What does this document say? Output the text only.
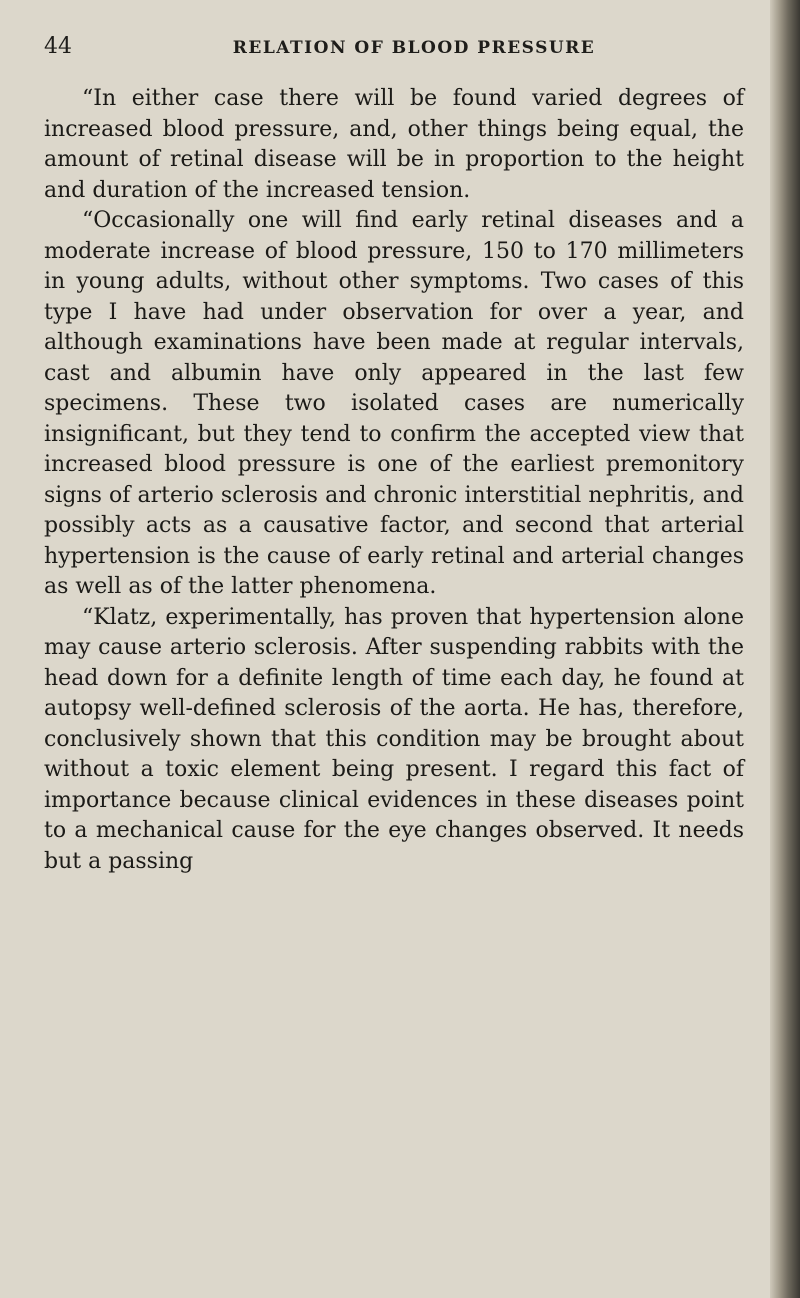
44	RELATION OF BLOOD PRESSURE

“In either case there will be found varied degrees of increased blood pressure, and, other things being equal, the amount of retinal disease will be in proportion to the height and duration of the increased tension.

“Occasionally one will find early retinal diseases and a moderate increase of blood pressure, 150 to 170 millimeters in young adults, without other symptoms. Two cases of this type I have had under observation for over a year, and although examinations have been made at regular intervals, cast and albumin have only appeared in the last few specimens. These two isolated cases are numerically insignificant, but they tend to confirm the accepted view that increased blood pressure is one of the earliest premonitory signs of arterio sclerosis and chronic interstitial nephritis, and possibly acts as a causative factor, and second that arterial hypertension is the cause of early retinal and arterial changes as well as of the latter phenomena.

“Klatz, experimentally, has proven that hypertension alone may cause arterio sclerosis. After suspending rabbits with the head down for a definite length of time each day, he found at autopsy well-defined sclerosis of the aorta. He has, therefore, conclusively shown that this condition may be brought about without a toxic element being present. I regard this fact of importance because clinical evidences in these diseases point to a mechanical cause for the eye changes observed. It needs but a passing
